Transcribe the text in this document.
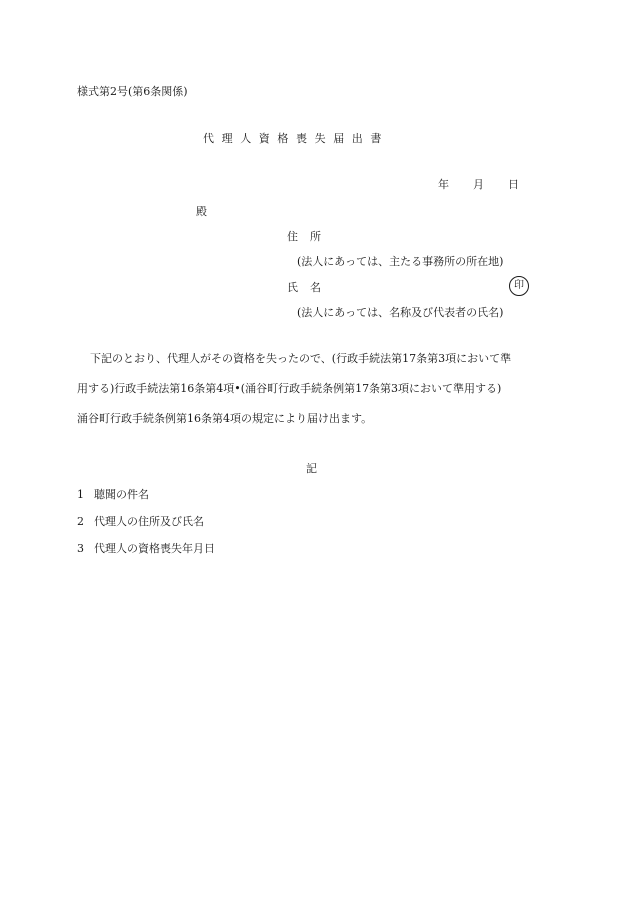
様式第2号(第6条関係)
代理人資格喪失届出書
年 月 日
殿
住所
(法人にあっては、主たる事務所の所在地)
氏名	印
(法人にあっては、名称及び代表者の氏名)
下記のとおり、代理人がその資格を失ったので、(行政手続法第17条第3項において準
用する)行政手続法第16条第4項•(涌谷町行政手続条例第17条第3項において準用する)
涌谷町行政手続条例第16条第4項の規定により届け出ます。
記
1 聴聞の件名
2 代理人の住所及び氏名
3 代理人の資格喪失年月日
